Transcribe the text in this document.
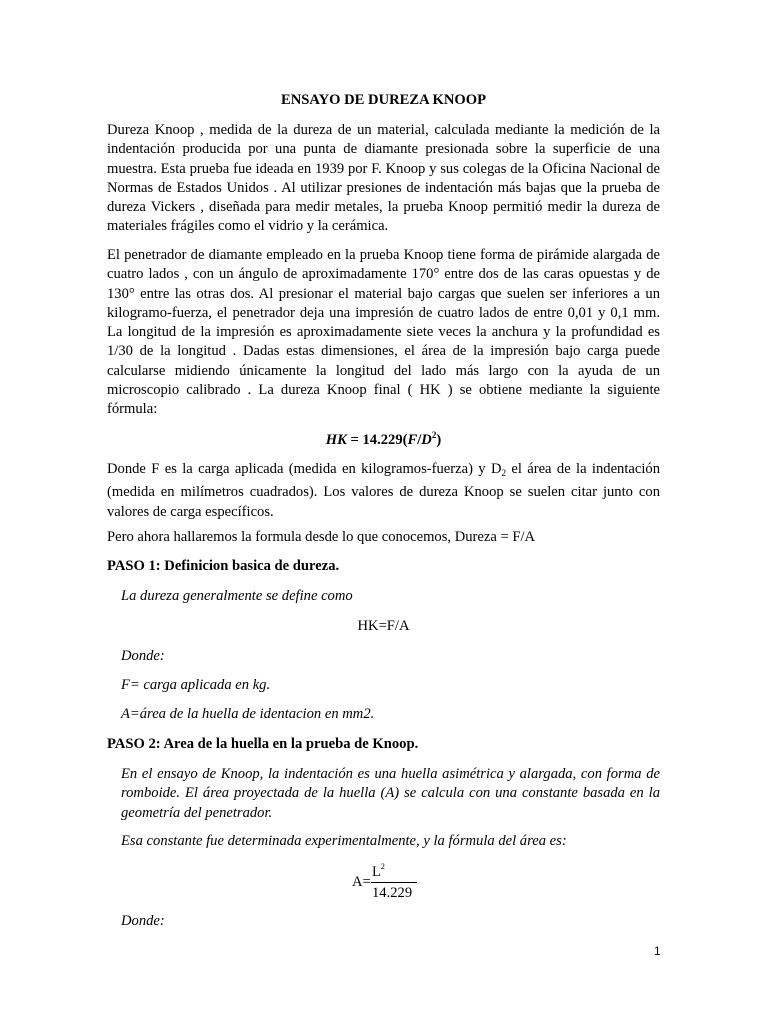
ENSAYO DE DUREZA KNOOP

Dureza Knoop , medida de la dureza de un material, calculada mediante la medición de la indentación producida por una punta de diamante presionada sobre la superficie de una muestra. Esta prueba fue ideada en 1939 por F. Knoop y sus colegas de la Oficina Nacional de Normas de Estados Unidos . Al utilizar presiones de indentación más bajas que la prueba de dureza Vickers , diseñada para medir metales, la prueba Knoop permitió medir la dureza de materiales frágiles como el vidrio y la cerámica.

El penetrador de diamante empleado en la prueba Knoop tiene forma de pirámide alargada de cuatro lados , con un ángulo de aproximadamente 170° entre dos de las caras opuestas y de 130° entre las otras dos. Al presionar el material bajo cargas que suelen ser inferiores a un kilogramo-fuerza, el penetrador deja una impresión de cuatro lados de entre 0,01 y 0,1 mm. La longitud de la impresión es aproximadamente siete veces la anchura y la profundidad es 1/30 de la longitud . Dadas estas dimensiones, el área de la impresión bajo carga puede calcularse midiendo únicamente la longitud del lado más largo con la ayuda de un microscopio calibrado . La dureza Knoop final ( HK ) se obtiene mediante la siguiente fórmula:

HK = $14.229(F/D^2)$

Donde F es la carga aplicada (medida en kilogramos-fuerza) y $D_2$ el área de la indentación (medida en milímetros cuadrados). Los valores de dureza Knoop se suelen citar junto con valores de carga específicos.

Pero ahora hallaremos la formula desde lo que conocemos, Dureza = F/A

PASO 1: Definicion basica de dureza.

La dureza generalmente se define como

HK=F/A

Donde:

F= carga aplicada en kg.

A=área de la huella de identacion en mm2.

PASO 2: Area de la huella en la prueba de Knoop.

En el ensayo de Knoop, la indentación es una huella asimétrica y alargada, con forma de romboide. El área proyectada de la huella (A) se calcula con una constante basada en la geometría del penetrador.

Esa constante fue determinada experimentalmente, y la fórmula del área es:

A=
$L^2$
14.229

Donde:

1
